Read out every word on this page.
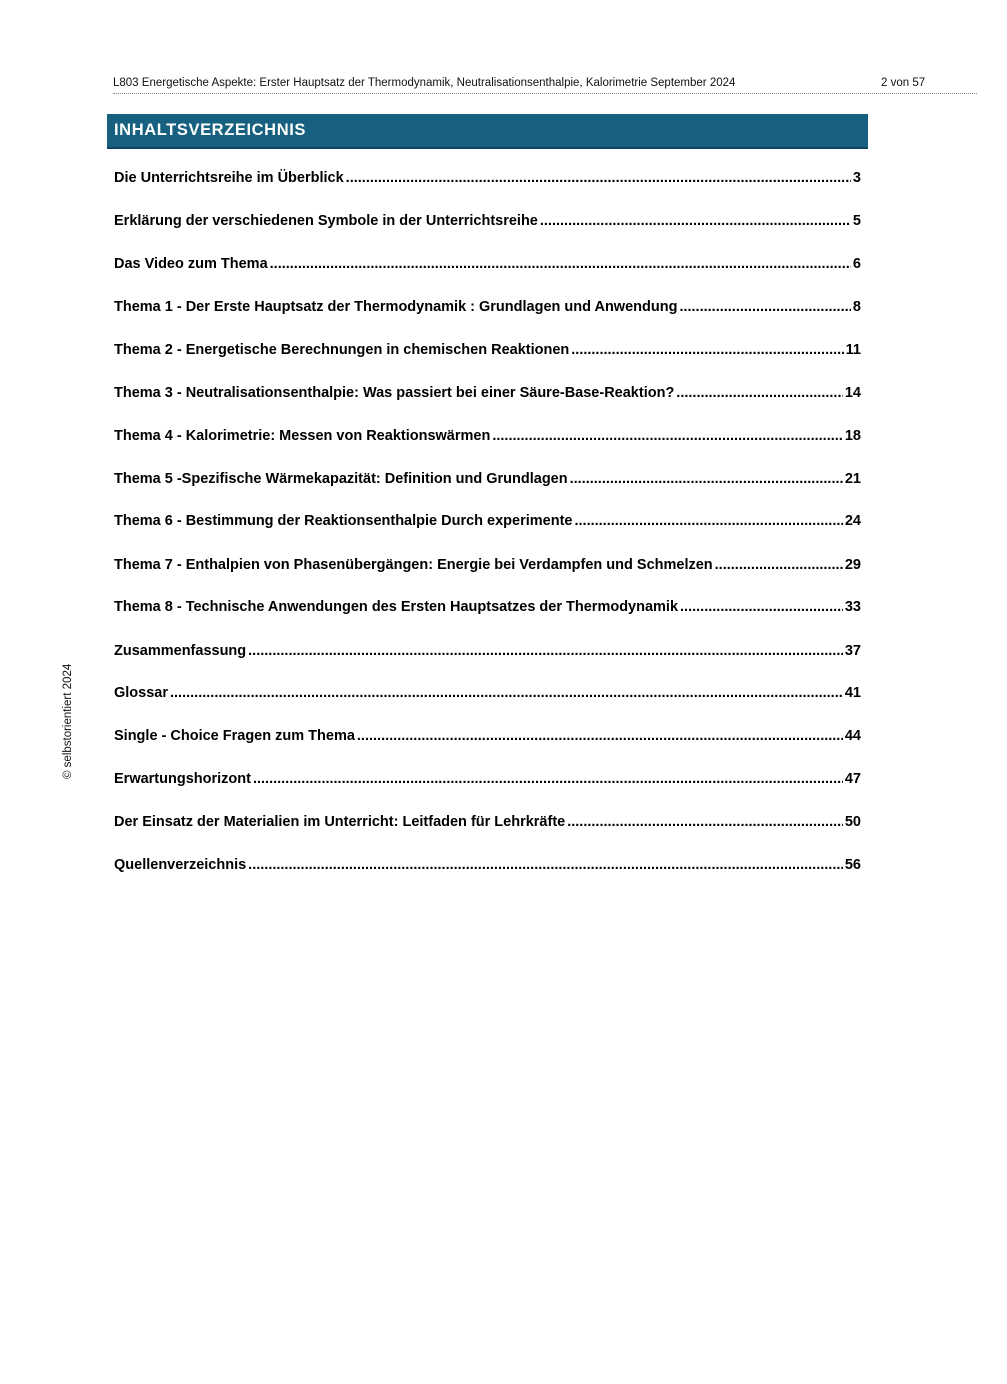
L803 Energetische Aspekte: Erster Hauptsatz der Thermodynamik, Neutralisationsenthalpie, Kalorimetrie September 2024	2 von 57
INHALTSVERZEICHNIS
Die Unterrichtsreihe im Überblick .....	3
Erklärung der verschiedenen Symbole in der Unterrichtsreihe .....	5
Das Video zum Thema .....	6
Thema 1 - Der Erste Hauptsatz der Thermodynamik : Grundlagen und Anwendung .....	8
Thema 2 - Energetische Berechnungen in chemischen Reaktionen .....	11
Thema 3 - Neutralisationsenthalpie: Was passiert bei einer Säure-Base-Reaktion? .....	14
Thema 4 - Kalorimetrie: Messen von Reaktionswärmen .....	18
Thema 5 -Spezifische Wärmekapazität: Definition und Grundlagen .....	21
Thema 6 - Bestimmung der Reaktionsenthalpie Durch experimente .....	24
Thema 7 - Enthalpien von Phasenübergängen: Energie bei Verdampfen und Schmelzen .....	29
Thema 8 - Technische Anwendungen des Ersten Hauptsatzes der Thermodynamik .....	33
Zusammenfassung .....	37
Glossar .....	41
Single - Choice Fragen zum Thema .....	44
Erwartungshorizont .....	47
Der Einsatz der Materialien im Unterricht: Leitfaden für Lehrkräfte .....	50
Quellenverzeichnis .....	56
© selbstorientiert 2024
